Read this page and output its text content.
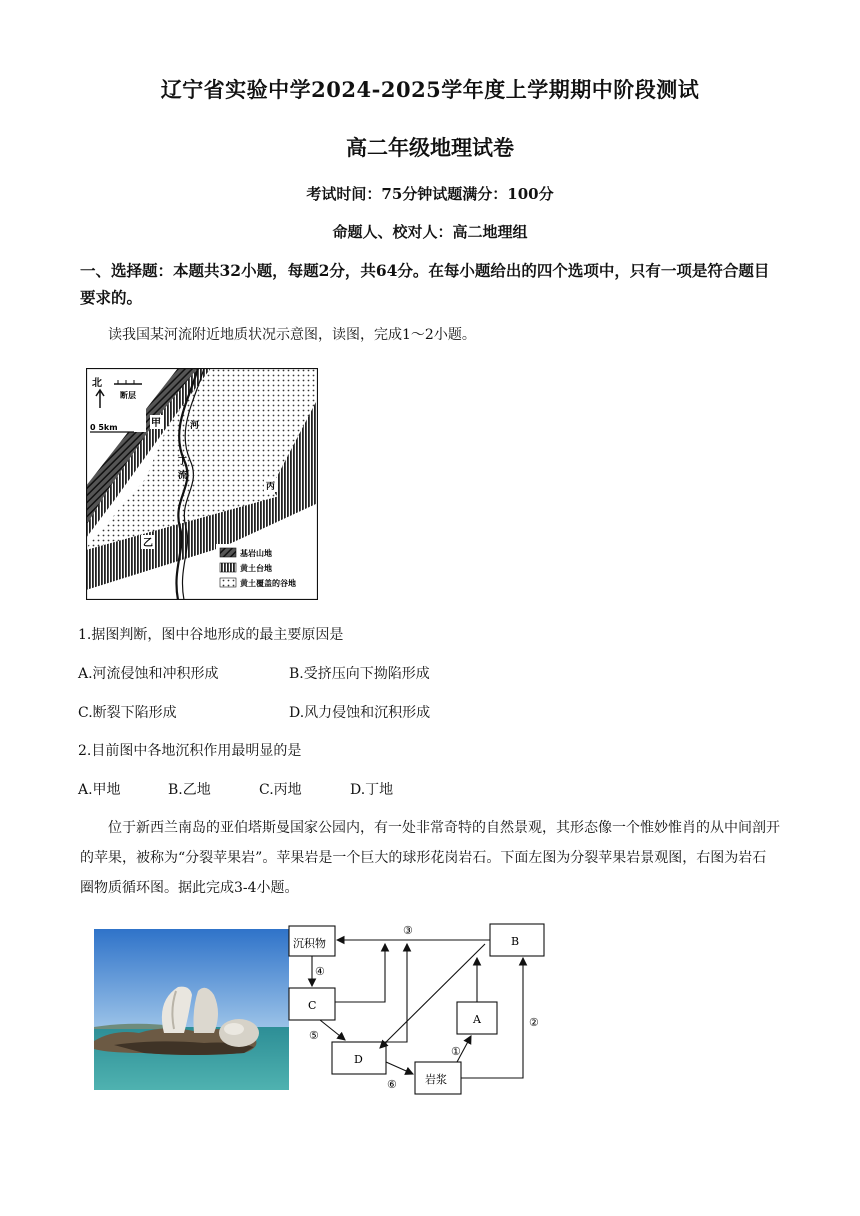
辽宁省实验中学2024-2025学年度上学期期中阶段测试
高二年级地理试卷
考试时间：75分钟试题满分：100分
命题人、校对人：高二地理组
一、选择题：本题共32小题，每题2分，共64分。在每小题给出的四个选项中，只有一项是符合题目要求的。
读我国某河流附近地质状况示意图，读图，完成1～2小题。
北
断层
0 5km	甲	河
丁
流
丙
乙
基岩山地
黄土台地
黄土覆盖的谷地
1.据图判断，图中谷地形成的最主要原因是
A.河流侵蚀和冲积形成	B.受挤压向下拗陷形成
C.断裂下陷形成	D.风力侵蚀和沉积形成
2.目前图中各地沉积作用最明显的是
A.甲地	B.乙地	C.丙地	D.丁地
位于新西兰南岛的亚伯塔斯曼国家公园内，有一处非常奇特的自然景观，其形态像一个惟妙惟肖的从中间剖开的苹果，被称为“分裂苹果岩”。苹果岩是一个巨大的球形花岗岩石。下面左图为分裂苹果岩景观图，右图为岩石圈物质循环图。据此完成3-4小题。
沉积物	B
C
A
D
岩浆
③
④
⑤
⑥
①
②
